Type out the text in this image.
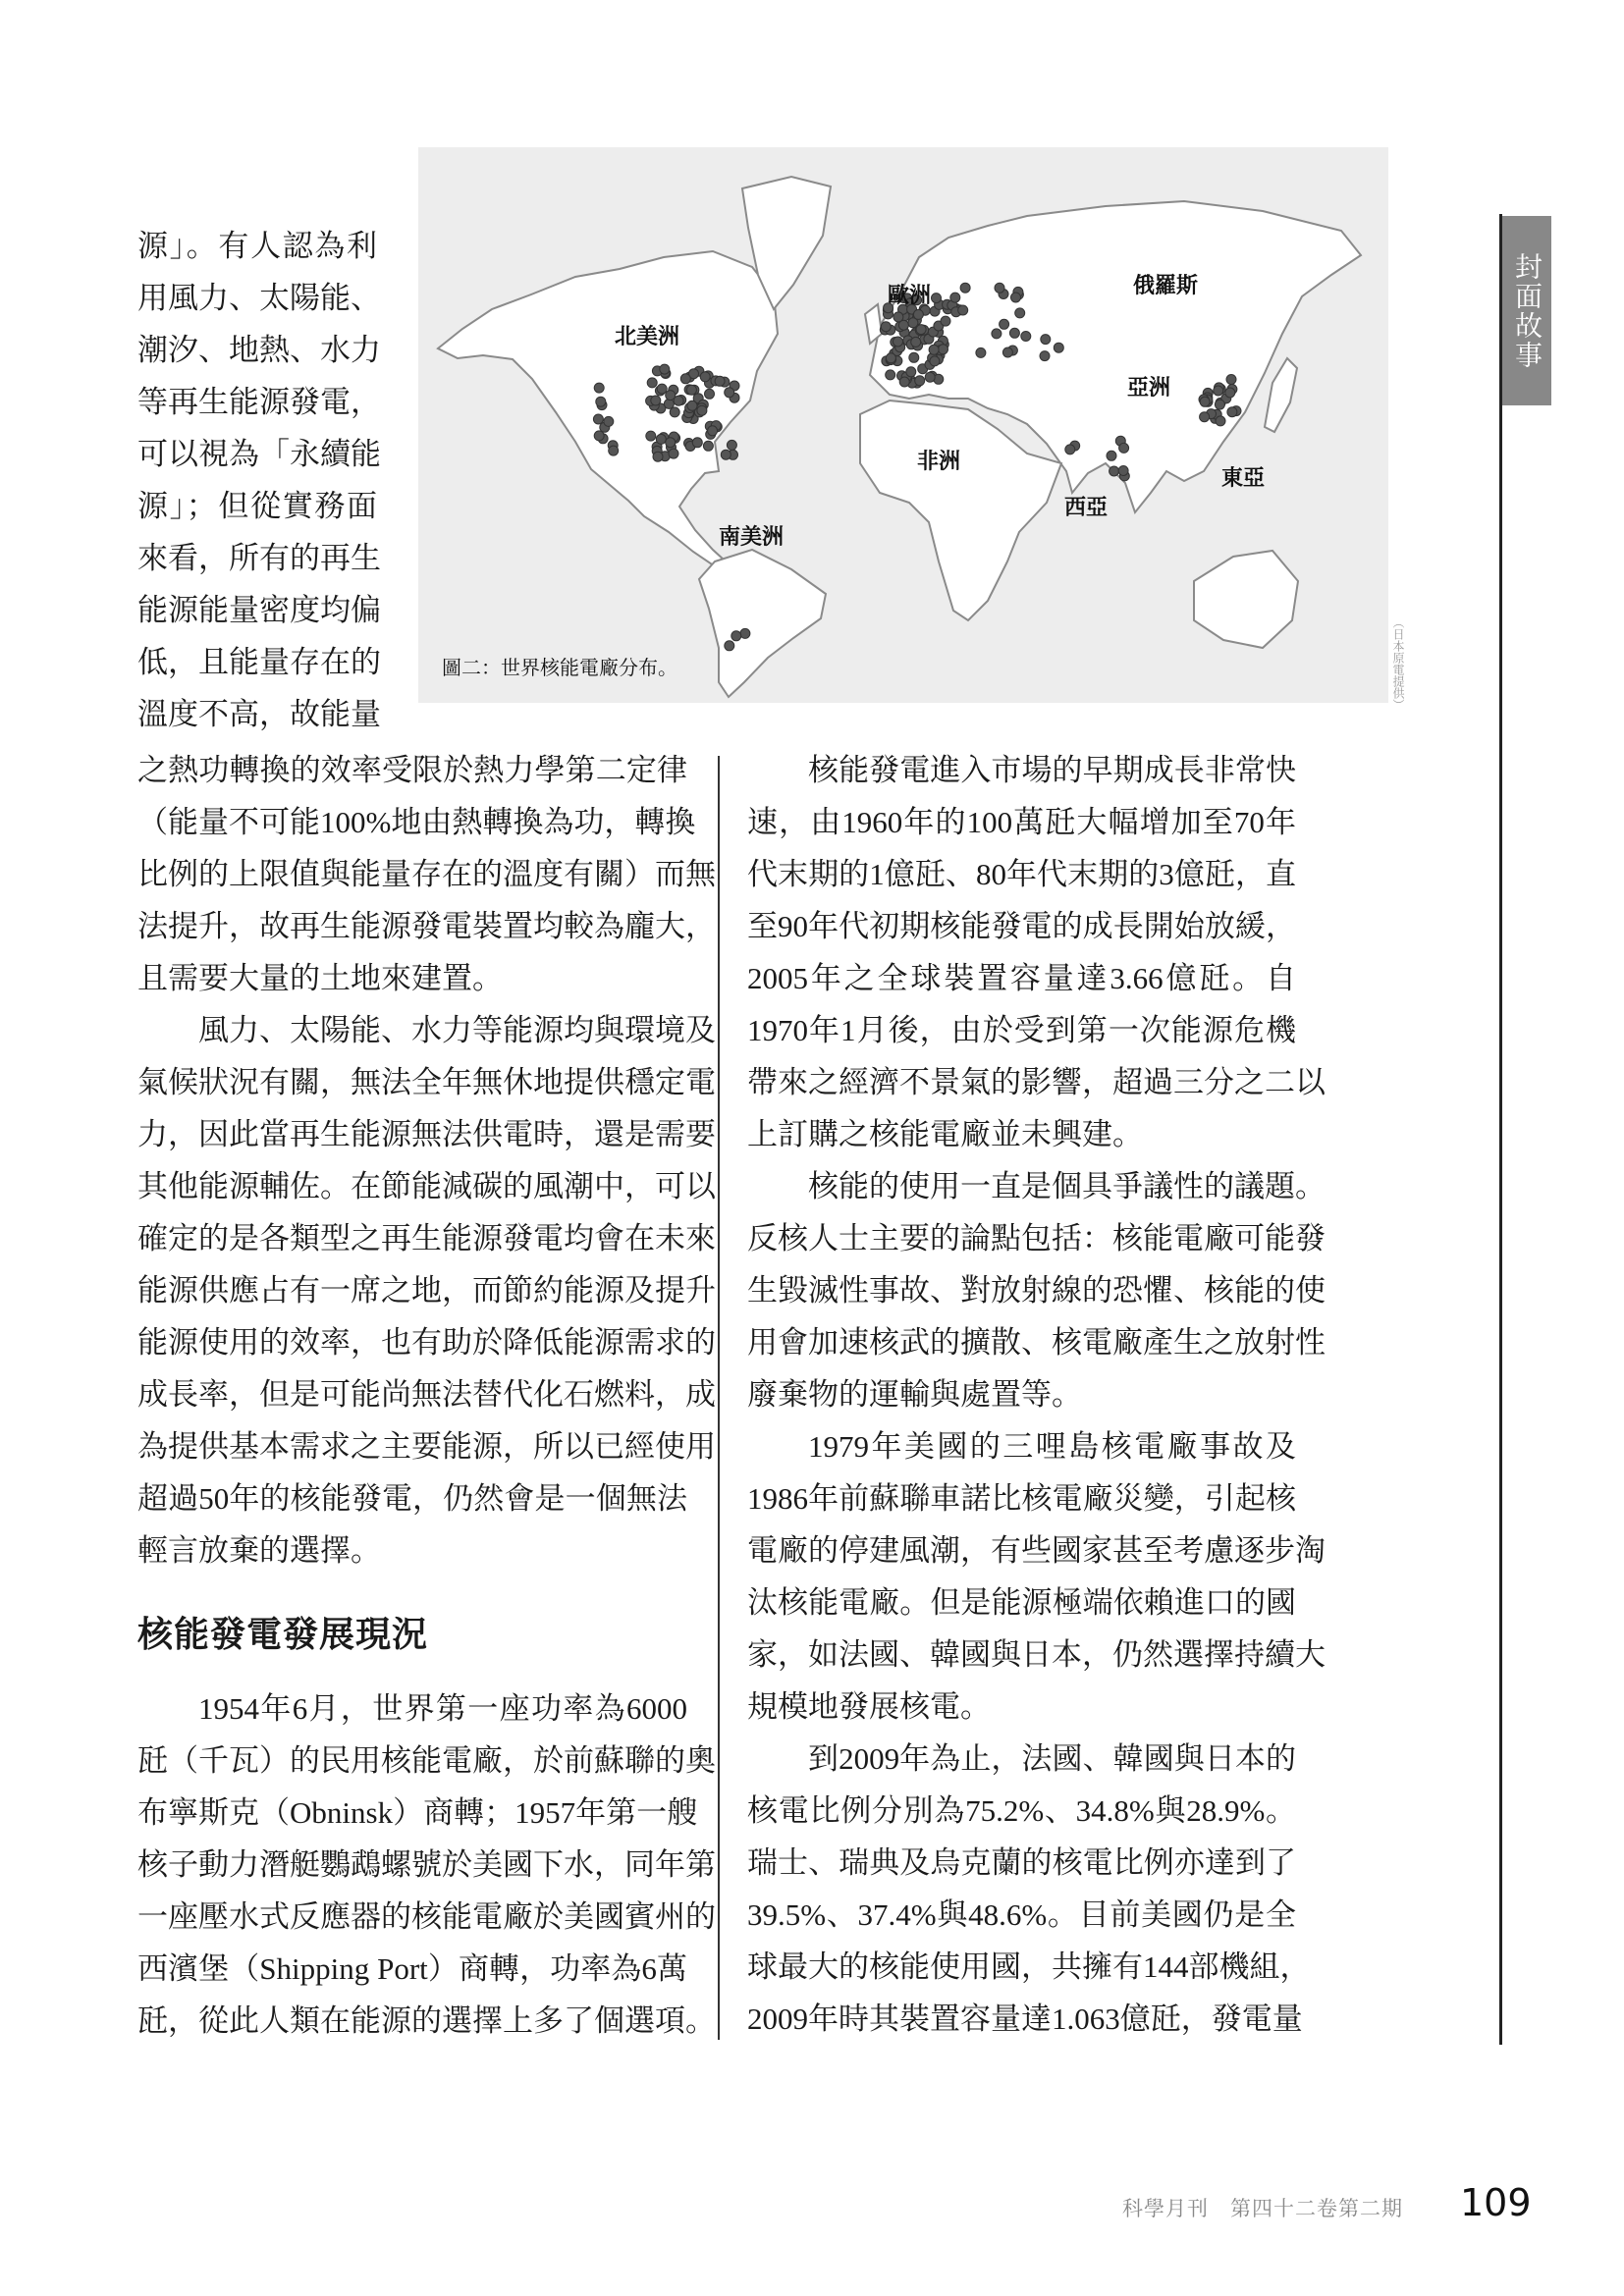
北美洲
歐洲	俄羅斯
亞洲
非洲
東亞
西亞
南美洲
圖二：世界核能電廠分布。	（日本原電提供）
封面故事
源」。有人認為利
用風力、太陽能、
潮汐、地熱、水力
等再生能源發電，
可以視為「永續能
源」；但從實務面
來看，所有的再生
能源能量密度均偏
低，且能量存在的
溫度不高，故能量
之熱功轉換的效率受限於熱力學第二定律
（能量不可能100%地由熱轉換為功，轉換
比例的上限值與能量存在的溫度有關）而無
法提升，故再生能源發電裝置均較為龐大，
且需要大量的土地來建置。
風力、太陽能、水力等能源均與環境及
氣候狀況有關，無法全年無休地提供穩定電
力，因此當再生能源無法供電時，還是需要
其他能源輔佐。在節能減碳的風潮中，可以
確定的是各類型之再生能源發電均會在未來
能源供應占有一席之地，而節約能源及提升
能源使用的效率，也有助於降低能源需求的
成長率，但是可能尚無法替代化石燃料，成
為提供基本需求之主要能源，所以已經使用
超過50年的核能發電，仍然會是一個無法
輕言放棄的選擇。
核能發電發展現況
1954年6月，世界第一座功率為6000
瓩（千瓦）的民用核能電廠，於前蘇聯的奧
布寧斯克（Obninsk）商轉；1957年第一艘
核子動力潛艇鸚鵡螺號於美國下水，同年第
一座壓水式反應器的核能電廠於美國賓州的
西濱堡（Shipping Port）商轉，功率為6萬
瓩，從此人類在能源的選擇上多了個選項。
核能發電進入市場的早期成長非常快
速，由1960年的100萬瓩大幅增加至70年
代末期的1億瓩、80年代末期的3億瓩，直
至90年代初期核能發電的成長開始放緩，
2005年之全球裝置容量達3.66億瓩。自
1970年1月後，由於受到第一次能源危機
帶來之經濟不景氣的影響，超過三分之二以
上訂購之核能電廠並未興建。
核能的使用一直是個具爭議性的議題。
反核人士主要的論點包括：核能電廠可能發
生毀滅性事故、對放射線的恐懼、核能的使
用會加速核武的擴散、核電廠產生之放射性
廢棄物的運輸與處置等。
1979年美國的三哩島核電廠事故及
1986年前蘇聯車諾比核電廠災變，引起核
電廠的停建風潮，有些國家甚至考慮逐步淘
汰核能電廠。但是能源極端依賴進口的國
家，如法國、韓國與日本，仍然選擇持續大
規模地發展核電。
到2009年為止，法國、韓國與日本的
核電比例分別為75.2%、34.8%與28.9%。
瑞士、瑞典及烏克蘭的核電比例亦達到了
39.5%、37.4%與48.6%。目前美國仍是全
球最大的核能使用國，共擁有144部機組，
2009年時其裝置容量達1.063億瓩，發電量
科學月刊　第四十二卷第二期 109
